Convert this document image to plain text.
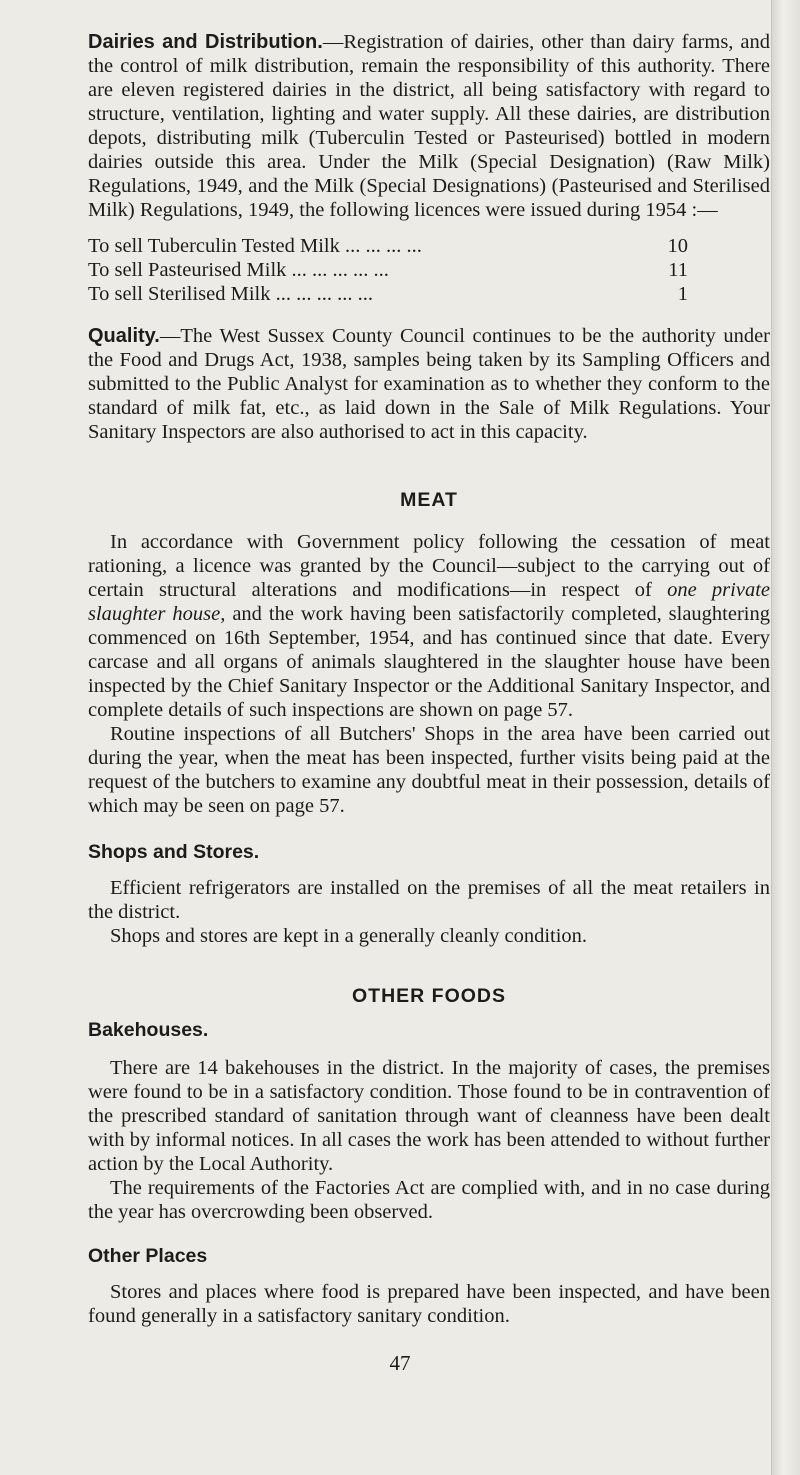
Dairies and Distribution.—Registration of dairies, other than dairy farms, and the control of milk distribution, remain the responsibility of this authority. There are eleven registered dairies in the district, all being satisfactory with regard to structure, ventilation, lighting and water supply. All these dairies, are distribution depots, distributing milk (Tuberculin Tested or Pasteurised) bottled in modern dairies outside this area. Under the Milk (Special Designation) (Raw Milk) Regulations, 1949, and the Milk (Special Designations) (Pasteurised and Sterilised Milk) Regulations, 1949, the following licences were issued during 1954 :—

To sell Tuberculin Tested Milk ... ... ... ...	10
To sell Pasteurised Milk ... ... ... ... ...	11
To sell Sterilised Milk ... ... ... ... ...	1

Quality.—The West Sussex County Council continues to be the authority under the Food and Drugs Act, 1938, samples being taken by its Sampling Officers and submitted to the Public Analyst for examination as to whether they conform to the standard of milk fat, etc., as laid down in the Sale of Milk Regulations. Your Sanitary Inspectors are also authorised to act in this capacity.

MEAT

In accordance with Government policy following the cessation of meat rationing, a licence was granted by the Council—subject to the carrying out of certain structural alterations and modifications—in respect of one private slaughter house, and the work having been satisfactorily completed, slaughtering commenced on 16th September, 1954, and has continued since that date. Every carcase and all organs of animals slaughtered in the slaughter house have been inspected by the Chief Sanitary Inspector or the Additional Sanitary Inspector, and complete details of such inspections are shown on page 57.

Routine inspections of all Butchers' Shops in the area have been carried out during the year, when the meat has been inspected, further visits being paid at the request of the butchers to examine any doubtful meat in their possession, details of which may be seen on page 57.

Shops and Stores.

Efficient refrigerators are installed on the premises of all the meat retailers in the district.

Shops and stores are kept in a generally cleanly condition.

OTHER FOODS
Bakehouses.

There are 14 bakehouses in the district. In the majority of cases, the premises were found to be in a satisfactory condition. Those found to be in contravention of the prescribed standard of sanitation through want of cleanness have been dealt with by informal notices. In all cases the work has been attended to without further action by the Local Authority.

The requirements of the Factories Act are complied with, and in no case during the year has overcrowding been observed.

Other Places

Stores and places where food is prepared have been inspected, and have been found generally in a satisfactory sanitary condition.

47
